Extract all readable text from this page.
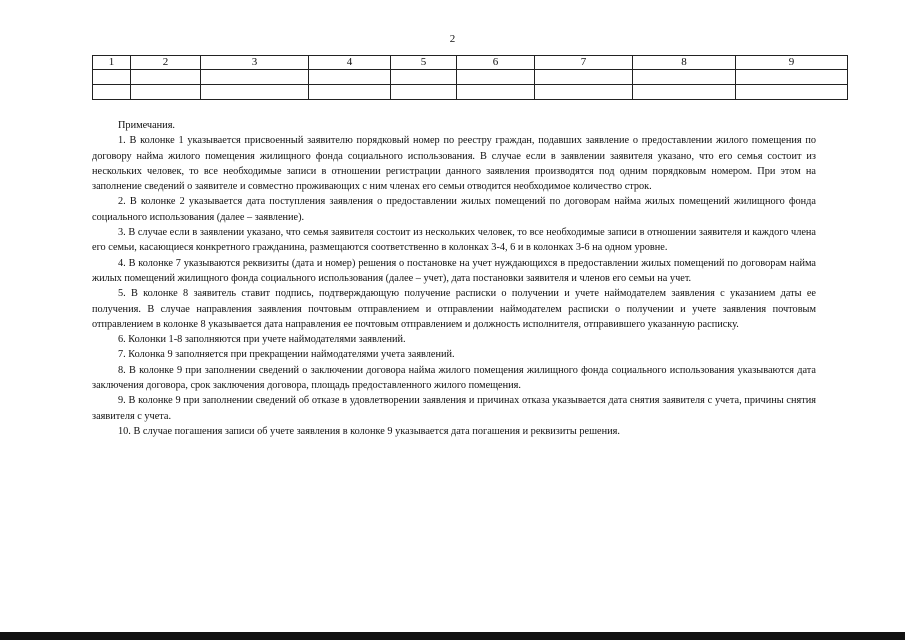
2
1	2	3	4	5	6	7	8	9

Примечания.

1. В колонке 1 указывается присвоенный заявителю порядковый номер по реестру граждан, подавших заявление о предоставлении жилого помещения по договору найма жилого помещения жилищного фонда социального использования. В случае если в заявлении заявителя указано, что его семья состоит из нескольких человек, то все необходимые записи в отношении регистрации данного заявления производятся под одним порядковым номером. При этом на заполнение сведений о заявителе и совместно проживающих с ним членах его семьи отводится необходимое количество строк.

2. В колонке 2 указывается дата поступления заявления о предоставлении жилых помещений по договорам найма жилых помещений жилищного фонда социального использования (далее – заявление).

3. В случае если в заявлении указано, что семья заявителя состоит из нескольких человек, то все необходимые записи в отношении заявителя и каждого члена его семьи, касающиеся конкретного гражданина, размещаются соответственно в колонках 3-4, 6 и в колонках 3-6 на одном уровне.

4. В колонке 7 указываются реквизиты (дата и номер) решения о постановке на учет нуждающихся в предоставлении жилых помещений по договорам найма жилых помещений жилищного фонда социального использования (далее – учет), дата постановки заявителя и членов его семьи на учет.

5. В колонке 8 заявитель ставит подпись, подтверждающую получение расписки о получении и учете наймодателем заявления с указанием даты ее получения. В случае направления заявления почтовым отправлением и отправлении наймодателем расписки о получении и учете заявления почтовым отправлением в колонке 8 указывается дата направления ее почтовым отправлением и должность исполнителя, отправившего указанную расписку.

6. Колонки 1-8 заполняются при учете наймодателями заявлений.

7. Колонка 9 заполняется при прекращении наймодателями учета заявлений.

8. В колонке 9 при заполнении сведений о заключении договора найма жилого помещения жилищного фонда социального использования указываются дата заключения договора, срок заключения договора, площадь предоставленного жилого помещения.

9. В колонке 9 при заполнении сведений об отказе в удовлетворении заявления и причинах отказа указывается дата снятия заявителя с учета, причины снятия заявителя с учета.

10. В случае погашения записи об учете заявления в колонке 9 указывается дата погашения и реквизиты решения.
